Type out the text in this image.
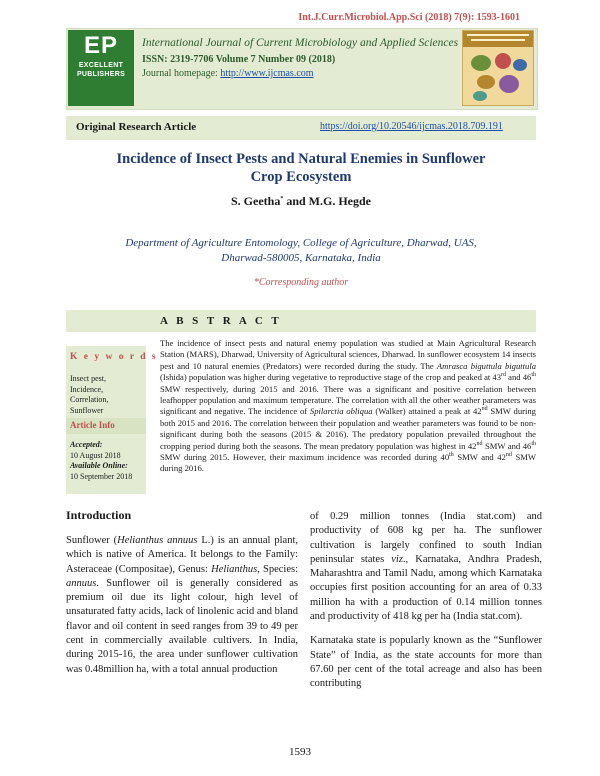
Int.J.Curr.Microbiol.App.Sci (2018) 7(9): 1593-1601
EP
EXCELLENT
PUBLISHERS
International Journal of Current Microbiology and Applied Sciences
ISSN: 2319-7706 Volume 7 Number 09 (2018)
Journal homepage: http://www.ijcmas.com
Original Research Article	https://doi.org/10.20546/ijcmas.2018.709.191
Incidence of Insect Pests and Natural Enemies in Sunflower
Crop Ecosystem
S. Geetha* and M.G. Hegde
Department of Agriculture Entomology, College of Agriculture, Dharwad, UAS,
Dharwad-580005, Karnataka, India
*Corresponding author
A B S T R A C T
K e y w o r d s
Insect pest,
Incidence,
Correlation,
Sunflower
Article Info
Accepted:
10 August 2018
Available Online:
10 September 2018
The incidence of insect pests and natural enemy population was studied at Main Agricultural Research Station (MARS), Dharwad, University of Agricultural sciences, Dharwad. In sunflower ecosystem 14 insects pest and 10 natural enemies (Predators) were recorded during the study. The Amrasca biguttula biguttula (Ishida) population was higher during vegetative to reproductive stage of the crop and peaked at 43rd and 46th SMW respectively, during 2015 and 2016. There was a significant and positive correlation between leafhopper population and maximum temperature. The correlation with all the other weather parameters was significant and negative. The incidence of Spilarctia obliqua (Walker) attained a peak at 42nd SMW during both 2015 and 2016. The correlation between their population and weather parameters was found to be non-significant during both the seasons (2015 & 2016). The predatory population prevailed throughout the cropping period during both the seasons. The mean predatory population was highest in 42nd SMW and 46th SMW during 2015. However, their maximum incidence was recorded during 40th SMW and 42nd SMW during 2016.
Introduction

Sunflower (Helianthus annuus L.) is an annual plant, which is native of America. It belongs to the Family: Asteraceae (Compositae), Genus: Helianthus, Species: annuus. Sunflower oil is generally considered as premium oil due its light colour, high level of unsaturated fatty acids, lack of linolenic acid and bland flavor and oil content in seed ranges from 39 to 49 per cent in commercially available cultivers. In India, during 2015-16, the area under sunflower cultivation was 0.48million ha, with a total annual production

of 0.29 million tonnes (India stat.com) and productivity of 608 kg per ha. The sunflower cultivation is largely confined to south Indian peninsular states viz., Karnataka, Andhra Pradesh, Maharashtra and Tamil Nadu, among which Karnataka occupies first position accounting for an area of 0.33 million ha with a production of 0.14 million tonnes and productivity of 418 kg per ha (India stat.com).

Karnataka state is popularly known as the “Sunflower State” of India, as the state accounts for more than 67.60 per cent of the total acreage and also has been contributing

1593
